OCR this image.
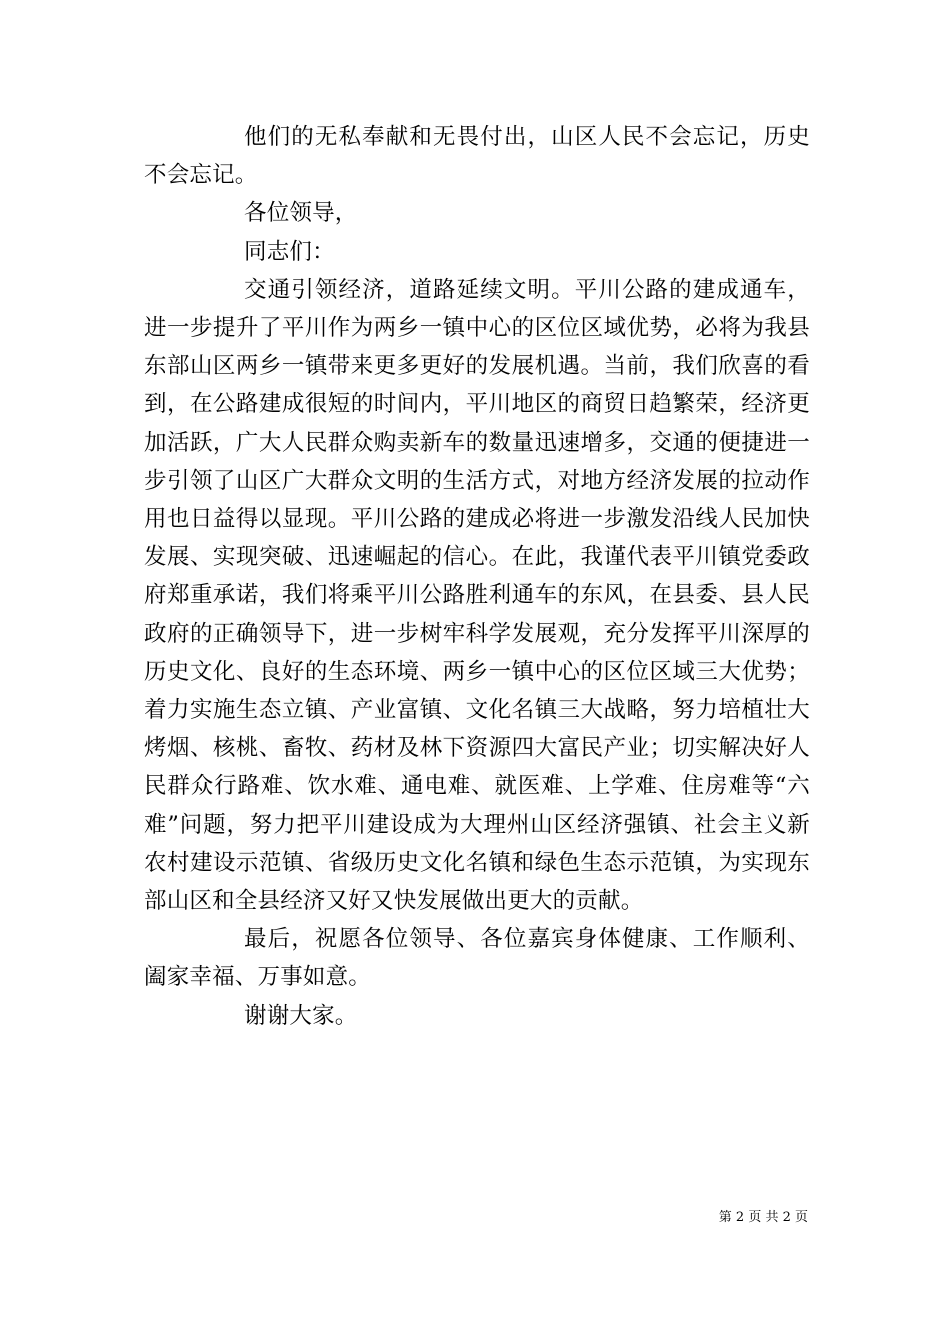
他们的无私奉献和无畏付出，山区人民不会忘记，历史不会忘记。

各位领导，

同志们：

交通引领经济，道路延续文明。平川公路的建成通车，进一步提升了平川作为两乡一镇中心的区位区域优势，必将为我县东部山区两乡一镇带来更多更好的发展机遇。当前，我们欣喜的看到，在公路建成很短的时间内，平川地区的商贸日趋繁荣，经济更加活跃，广大人民群众购卖新车的数量迅速增多，交通的便捷进一步引领了山区广大群众文明的生活方式，对地方经济发展的拉动作用也日益得以显现。平川公路的建成必将进一步激发沿线人民加快发展、实现突破、迅速崛起的信心。在此，我谨代表平川镇党委政府郑重承诺，我们将乘平川公路胜利通车的东风，在县委、县人民政府的正确领导下，进一步树牢科学发展观，充分发挥平川深厚的历史文化、良好的生态环境、两乡一镇中心的区位区域三大优势；着力实施生态立镇、产业富镇、文化名镇三大战略，努力培植壮大烤烟、核桃、畜牧、药材及林下资源四大富民产业；切实解决好人民群众行路难、饮水难、通电难、就医难、上学难、住房难等“六难”问题，努力把平川建设成为大理州山区经济强镇、社会主义新农村建设示范镇、省级历史文化名镇和绿色生态示范镇，为实现东部山区和全县经济又好又快发展做出更大的贡献。

最后，祝愿各位领导、各位嘉宾身体健康、工作顺利、阖家幸福、万事如意。

谢谢大家。

第 2 页 共 2 页
